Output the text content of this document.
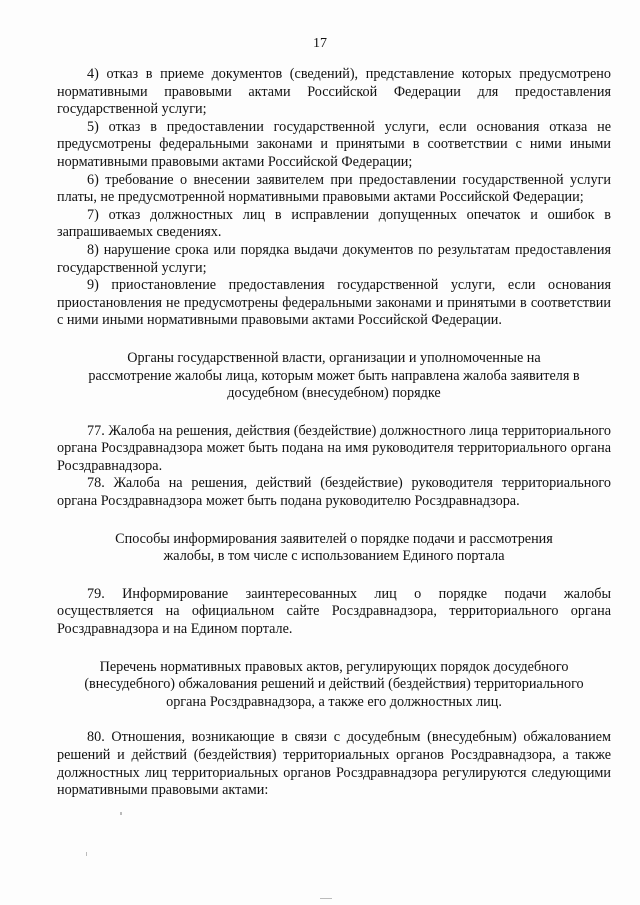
17

4) отказ в приеме документов (сведений), представление которых предусмотрено нормативными правовыми актами Российской Федерации для предоставления государственной услуги;

5) отказ в предоставлении государственной услуги, если основания отказа не предусмотрены федеральными законами и принятыми в соответствии с ними иными нормативными правовыми актами Российской Федерации;

6) требование о внесении заявителем при предоставлении государственной услуги платы, не предусмотренной нормативными правовыми актами Российской Федерации;

7) отказ должностных лиц в исправлении допущенных опечаток и ошибок в запрашиваемых сведениях.

8) нарушение срока или порядка выдачи документов по результатам предоставления государственной услуги;

9) приостановление предоставления государственной услуги, если основания приостановления не предусмотрены федеральными законами и принятыми в соответствии с ними иными нормативными правовыми актами Российской Федерации.

Органы государственной власти, организации и уполномоченные на
рассмотрение жалобы лица, которым может быть направлена жалоба заявителя в
досудебном (внесудебном) порядке

77. Жалоба на решения, действия (бездействие) должностного лица территориального органа Росздравнадзора может быть подана на имя руководителя территориального органа Росздравнадзора.

78. Жалоба на решения, действий (бездействие) руководителя территориального органа Росздравнадзора может быть подана руководителю Росздравнадзора.

Способы информирования заявителей о порядке подачи и рассмотрения
жалобы, в том числе с использованием Единого портала

79. Информирование заинтересованных лиц о порядке подачи жалобы осуществляется на официальном сайте Росздравнадзора, территориального органа Росздравнадзора и на Едином портале.

Перечень нормативных правовых актов, регулирующих порядок досудебного
(внесудебного) обжалования решений и действий (бездействия) территориального
органа Росздравнадзора, а также его должностных лиц.

80. Отношения, возникающие в связи с досудебным (внесудебным) обжалованием решений и действий (бездействия) территориальных органов Росздравнадзора, а также должностных лиц территориальных органов Росздравнадзора регулируются следующими нормативными правовыми актами:
